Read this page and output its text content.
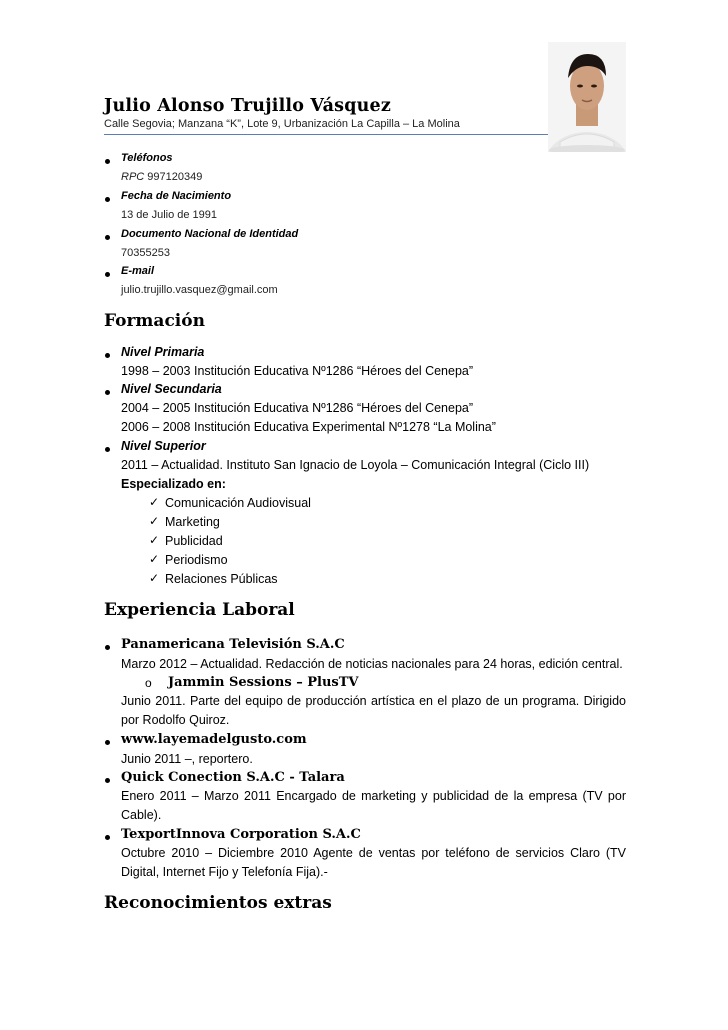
Julio Alonso Trujillo Vásquez
Calle Segovia; Manzana “K”, Lote 9, Urbanización La Capilla – La Molina
Teléfonos
RPC 997120349
Fecha de Nacimiento
13 de Julio de 1991
Documento Nacional de Identidad
70355253
E-mail
julio.trujillo.vasquez@gmail.com
Formación
Nivel Primaria
1998 – 2003 Institución Educativa Nº1286 “Héroes del Cenepa”
Nivel Secundaria
2004 – 2005 Institución Educativa Nº1286 “Héroes del Cenepa”
2006 – 2008 Institución Educativa Experimental Nº1278 “La Molina”
Nivel Superior
2011 – Actualidad. Instituto San Ignacio de Loyola – Comunicación Integral (Ciclo III)
Especializado en:
✓ Comunicación Audiovisual
✓ Marketing
✓ Publicidad
✓ Periodismo
✓ Relaciones Públicas
Experiencia Laboral
Panamericana Televisión S.A.C
Marzo 2012 – Actualidad. Redacción de noticias nacionales para 24 horas, edición central.
o Jammin Sessions – PlusTV
Junio 2011. Parte del equipo de producción artística en el plazo de un programa. Dirigido por Rodolfo Quiroz.
www.layemadelgusto.com
Junio 2011 –, reportero.
Quick Conection S.A.C - Talara
Enero 2011 – Marzo 2011 Encargado de marketing y publicidad de la empresa (TV por Cable).
TexportInnova Corporation S.A.C
Octubre 2010 – Diciembre 2010 Agente de ventas por teléfono de servicios Claro (TV Digital, Internet Fijo y Telefonía Fija).-
Reconocimientos extras
